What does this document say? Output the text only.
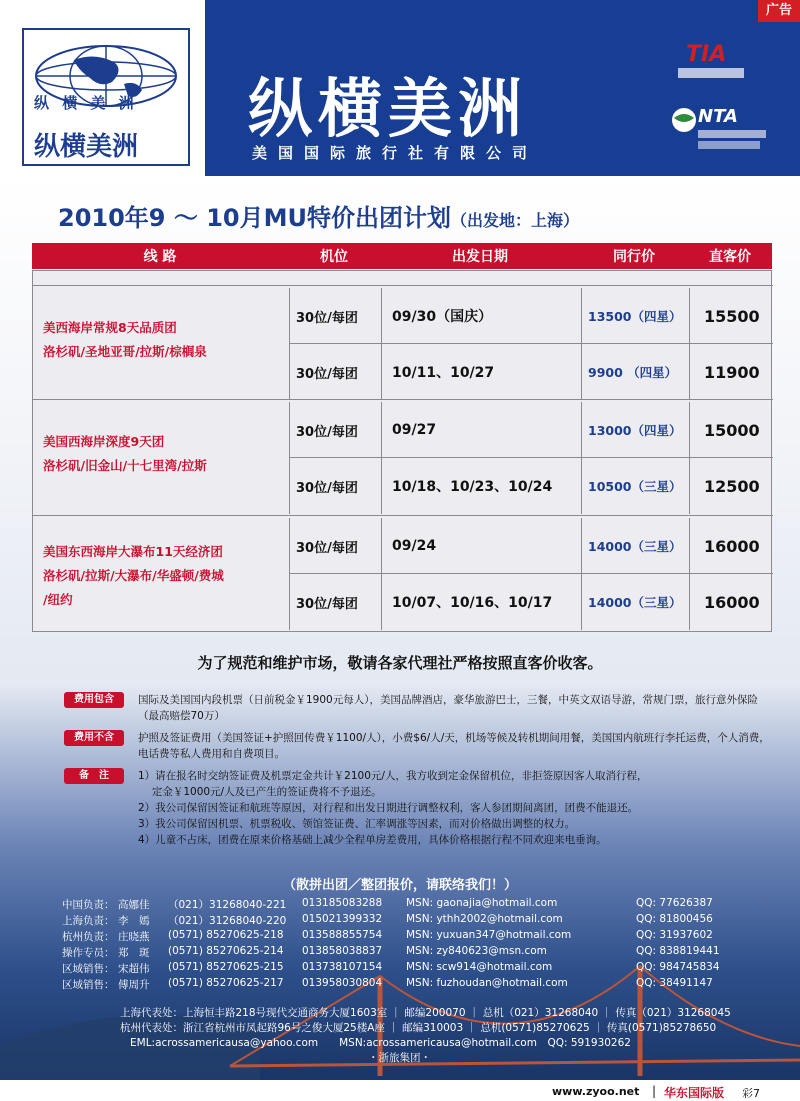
纵 横 美 洲
纵横美洲
广告
纵横美洲
美国国际旅行社有限公司
TIA
NTA
2010年9 ～ 10月MU特价出团计划（出发地：上海）
线 路	机位	出发日期	同行价	直客价
美西海岸常规8天品质团
洛杉矶/圣地亚哥/拉斯/棕榈泉
30位/每团	09/30（国庆）	13500（四星）	15500
30位/每团	10/11、10/27	9900 （四星）	11900
美国西海岸深度9天团
洛杉矶/旧金山/十七里湾/拉斯
30位/每团	09/27	13000（四星）	15000
30位/每团	10/18、10/23、10/24	10500（三星）	12500
美国东西海岸大瀑布11天经济团
洛杉矶/拉斯/大瀑布/华盛顿/费城
/纽约
30位/每团	09/24	14000（三星）	16000
30位/每团	10/07、10/16、10/17	14000（三星）	16000
为了规范和维护市场，敬请各家代理社严格按照直客价收客。
费用包含	国际及美国国内段机票（日前税金￥1900元每人），美国品牌酒店，豪华旅游巴士，三餐，中英文双语导游，常规门票，旅行意外保险（最高赔偿70万）
费用不含	护照及签证费用（美国签证+护照回传费￥1100/人），小费$6/人/天，机场等候及转机期间用餐，美国国内航班行李托运费，个人消费，电话费等私人费用和自费项目。
备　注	1）请在报名时交纳签证费及机票定金共计￥2100元/人，我方收到定金保留机位，非拒签原因客人取消行程，
　 定金￥1000元/人及已产生的签证费将不予退还。
2）我公司保留因签证和航班等原因，对行程和出发日期进行调整权利，客人参团期间离团，团费不能退还。
3）我公司保留因机票、机票税收、领馆签证费、汇率调涨等因素，而对价格做出调整的权力。
4）儿童不占床，团费在原来价格基础上减少全程单房差费用，具体价格根据行程不同欢迎来电垂询。
（散拼出团／整团报价，请联络我们！）
中国负责： 高娜佳 （021）31268040-221 013185083288 MSN: gaonajia@hotmail.com	QQ: 77626387
上海负责： 李　嫣 （021）31268040-220 015021399332 MSN: ythh2002@hotmail.com	QQ: 81800456
杭州负责： 庄晓燕 (0571) 85270625-218 013588855754 MSN: yuxuan347@hotmail.com	QQ: 31937602
操作专员： 郑　斑 (0571) 85270625-214 013858038837 MSN: zy840623@msn.com	QQ: 838819441
区域销售： 宋超伟 (0571) 85270625-215 013738107154 MSN: scw914@hotmail.com	QQ: 984745834
区域销售： 傅周升 (0571) 85270625-217 013958030804 MSN: fuzhoudan@hotmail.com	QQ: 38491147
上海代表处：上海恒丰路218号现代交通商务大厦1603室 ｜ 邮编200070 ｜ 总机（021）31268040 ｜ 传真（021）31268045
杭州代表处：浙江省杭州市凤起路96号之俊大厦25楼A座 ｜ 邮编310003 ｜ 总机(0571)85270625 ｜ 传真(0571)85278650
EML:acrossamericausa@yahoo.com　　MSN:acrossamericausa@hotmail.com　QQ: 591930262
・浙旅集团・
www.zyoo.net | 华东国际版 彩7
